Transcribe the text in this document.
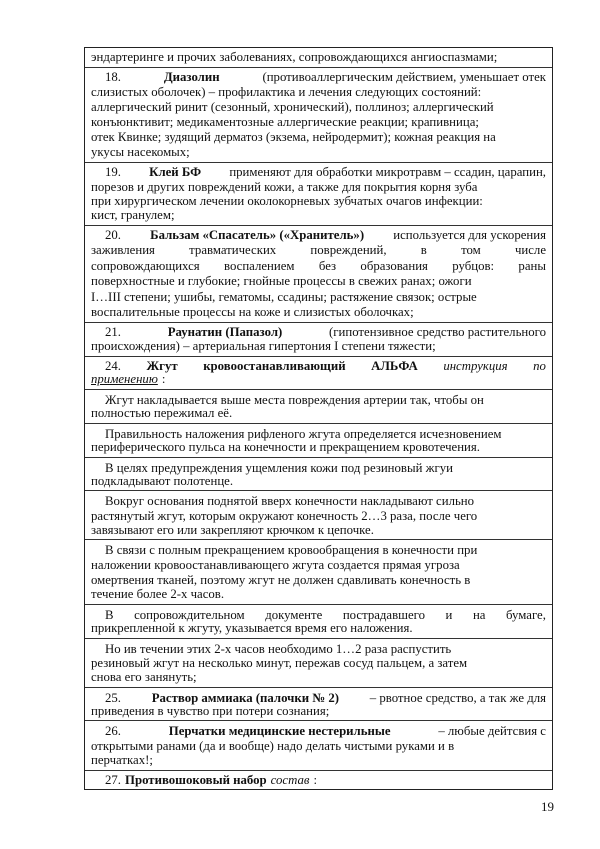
эндартеринге и прочих заболеваниях, сопровождающихся ангиоспазмами;
18.	Диазолин	(противоаллергическим действием, уменьшает отек
слизистых оболочек) – профилактика и лечения следующих состояний:
аллергический ринит (сезонный, хронический), поллиноз; аллергический
конъюнктивит; медикаментозные аллергические реакции; крапивница;
отек Квинке; зудящий дерматоз (экзема, нейродермит); кожная реакция на
укусы насекомых;
19. Клей БФ применяют для обработки микротравм – ссадин, царапин,
порезов и других повреждений кожи, а также для покрытия корня зуба
при хирургическом лечении околокорневых зубчатых очагов инфекции:
кист, гранулем;
20. Бальзам «Спасатель» («Хранитель») используется для ускорения
заживления	травматических	повреждений,	в	том	числе
сопровождающихся воспалением без образования рубцов: раны
поверхностные и глубокие; гнойные процессы в свежих ранах; ожоги
I…III степени; ушибы, гематомы, ссадины; растяжение связок; острые
воспалительные процессы на коже и слизистых оболочках;
21.	Раунатин (Папазол)	(гипотензивное средство растительного
происхождения) – артериальная гипертония I степени тяжести;
24. Жгут кровоостанавливающий АЛЬФА инструкция по
применению :
Жгут накладывается выше места повреждения артерии так, чтобы он
полностью пережимал её.
Правильность наложения рифленого жгута определяется исчезновением
периферического пульса на конечности и прекращением кровотечения.
В целях предупреждения ущемления кожи под резиновый жгуи
подкладывают полотенце.
Вокруг основания поднятой вверх конечности накладывают сильно
растянутый жгут, которым окружают конечность 2…3 раза, после чего
завязывают его или закрепляют крючком к цепочке.
В связи с полным прекращением кровообращения в конечности при
наложении кровоостанавливающего жгута создается прямая угроза
омертвения тканей, поэтому жгут не должен сдавливать конечность в
течение более 2-х часов.
В сопровождительном документе пострадавшего и на бумаге,
прикрепленной к жгуту, указывается время его наложения.
Но ив течении этих 2-х часов необходимо 1…2 раза распустить
резиновый жгут на несколько минут, пережав сосуд пальцем, а затем
снова его занянуть;
25. Раствор аммиака (палочки № 2) – рвотное средство, а так же для
приведения в чувство при потери сознания;
26.	Перчатки медицинские нестерильные	– любые дейтсвия с
открытыми ранами (да и вообще) надо делать чистыми руками и в
перчатках!;
27. Противошоковый набор состав :
19
